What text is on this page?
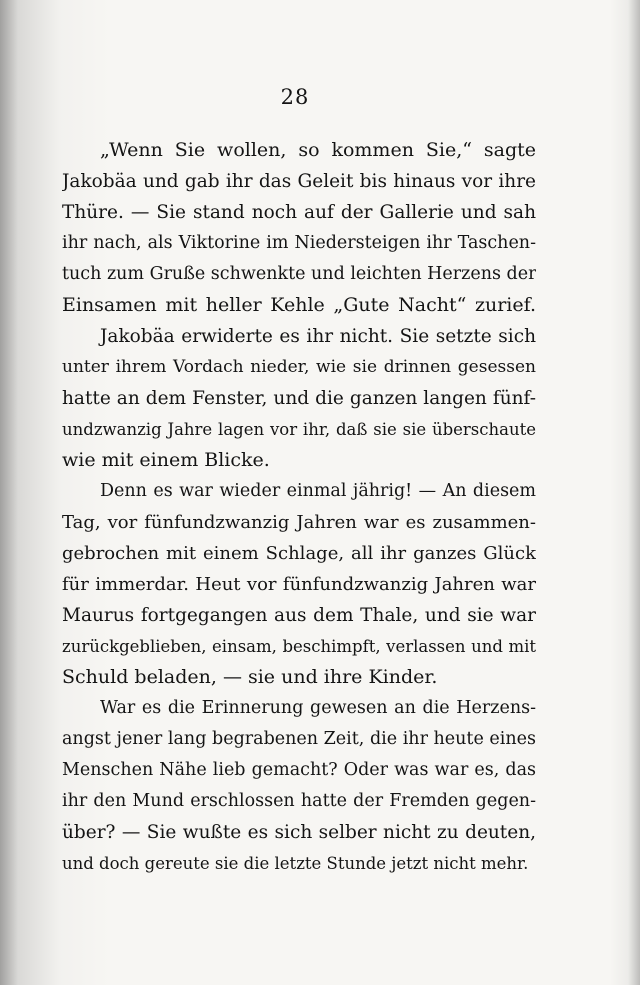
28
„Wenn Sie wollen, so kommen Sie,“ sagte
Jakobäa und gab ihr das Geleit bis hinaus vor ihre
Thüre. — Sie stand noch auf der Gallerie und sah
ihr nach, als Viktorine im Niedersteigen ihr Taschen-
tuch zum Gruße schwenkte und leichten Herzens der
Einsamen mit heller Kehle „Gute Nacht“ zurief.
Jakobäa erwiderte es ihr nicht. Sie setzte sich
unter ihrem Vordach nieder, wie sie drinnen gesessen
hatte an dem Fenster, und die ganzen langen fünf-
undzwanzig Jahre lagen vor ihr, daß sie sie überschaute
wie mit einem Blicke.
Denn es war wieder einmal jährig! — An diesem
Tag, vor fünfundzwanzig Jahren war es zusammen-
gebrochen mit einem Schlage, all ihr ganzes Glück
für immerdar. Heut vor fünfundzwanzig Jahren war
Maurus fortgegangen aus dem Thale, und sie war
zurückgeblieben, einsam, beschimpft, verlassen und mit
Schuld beladen, — sie und ihre Kinder.
War es die Erinnerung gewesen an die Herzens-
angst jener lang begrabenen Zeit, die ihr heute eines
Menschen Nähe lieb gemacht? Oder was war es, das
ihr den Mund erschlossen hatte der Fremden gegen-
über? — Sie wußte es sich selber nicht zu deuten,
und doch gereute sie die letzte Stunde jetzt nicht mehr.
